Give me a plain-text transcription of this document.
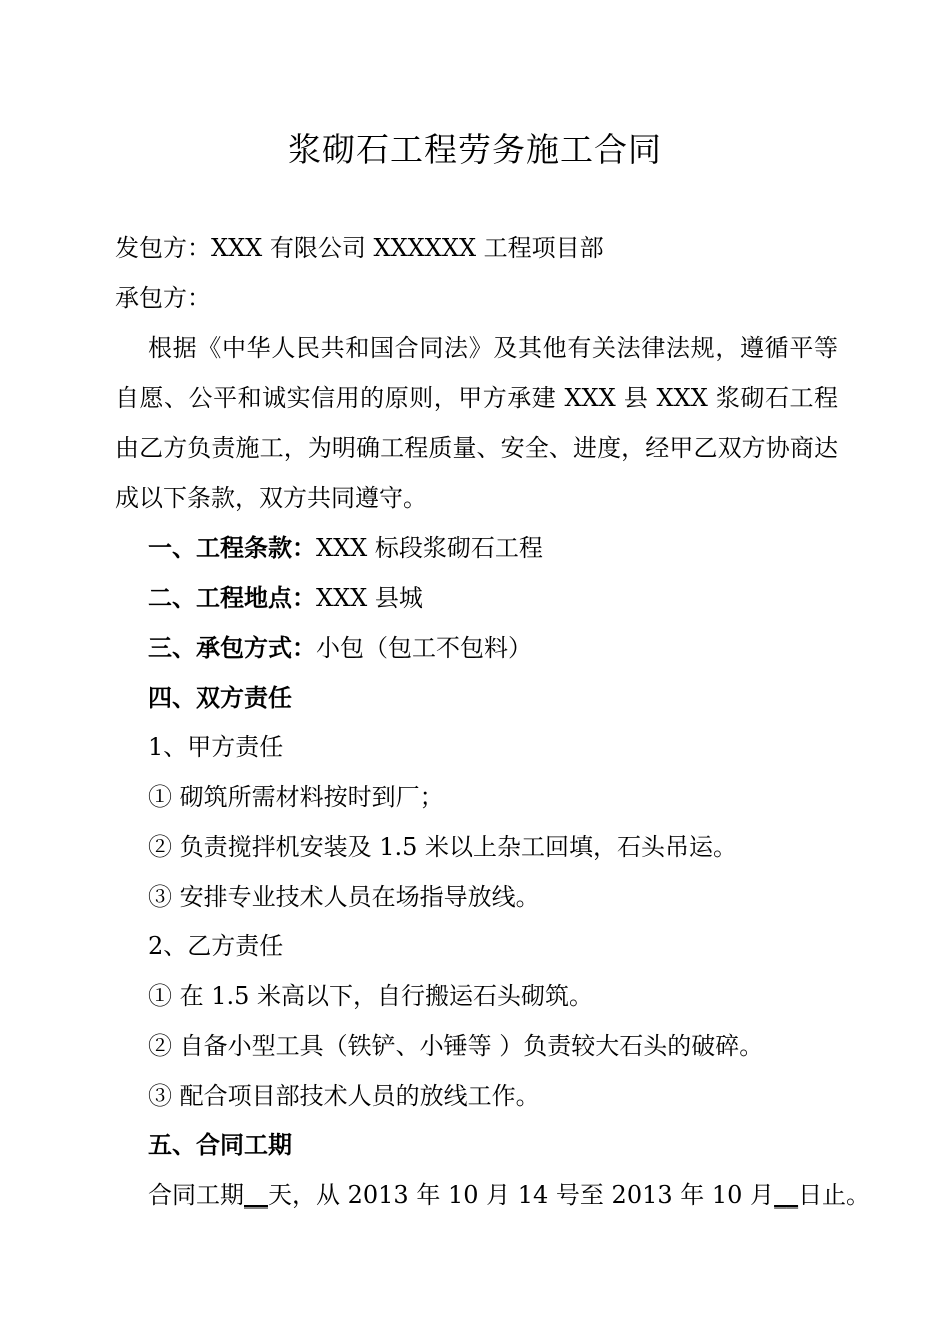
浆砌石工程劳务施工合同
发包方：XXX 有限公司 XXXXXX 工程项目部
承包方：
根据《中华人民共和国合同法》及其他有关法律法规，遵循平等
自愿、公平和诚实信用的原则，甲方承建 XXX 县 XXX 浆砌石工程
由乙方负责施工，为明确工程质量、安全、进度，经甲乙双方协商达
成以下条款，双方共同遵守。
一、工程条款：XXX 标段浆砌石工程
二、工程地点：XXX 县城
三、承包方式：小包（包工不包料）
四、双方责任
1、甲方责任
① 砌筑所需材料按时到厂；
② 负责搅拌机安装及 1.5 米以上杂工回填，石头吊运。
③ 安排专业技术人员在场指导放线。
2、乙方责任
① 在 1.5 米高以下，自行搬运石头砌筑。
② 自备小型工具（铁铲、小锤等 ）负责较大石头的破碎。
③ 配合项目部技术人员的放线工作。
五、合同工期
合同工期__天，从 2013 年 10 月 14 号至 2013 年 10 月__日止。
